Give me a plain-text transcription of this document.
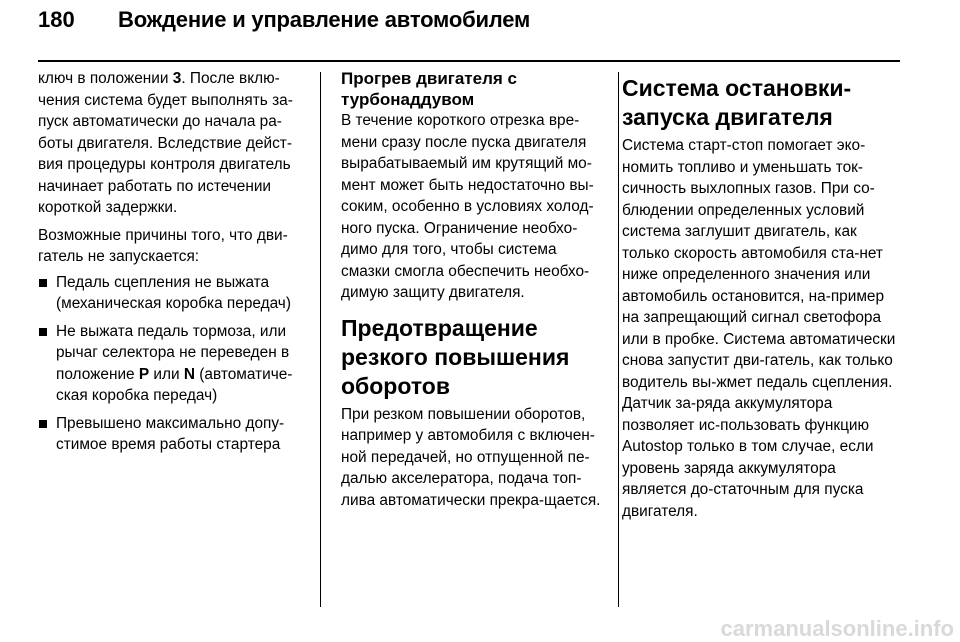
180 Вождение и управление автомобилем

ключ в положении 3. После вклю-чения система будет выполнять за-пуск автоматически до начала ра-боты двигателя. Вследствие дейст-вия процедуры контроля двигатель начинает работать по истечении короткой задержки.

Возможные причины того, что дви-гатель не запускается:

Педаль сцепления не выжата (механическая коробка передач)
Не выжата педаль тормоза, или рычаг селектора не переведен в положение P или N (автоматиче-ская коробка передач)
Превышено максимально допу-стимое время работы стартера

Прогрев двигателя с турбонаддувом

В течение короткого отрезка вре-мени сразу после пуска двигателя вырабатываемый им крутящий мо-мент может быть недостаточно вы-соким, особенно в условиях холод-ного пуска. Ограничение необхо-димо для того, чтобы система смазки смогла обеспечить необхо-димую защиту двигателя.

Предотвращение резкого повышения оборотов

При резком повышении оборотов, например у автомобиля с включен-ной передачей, но отпущенной пе-далью акселератора, подача топ-лива автоматически прекра-щается.

Система остановки-запуска двигателя

Система старт-стоп помогает эко-номить топливо и уменьшать ток-сичность выхлопных газов. При со-блюдении определенных условий система заглушит двигатель, как только скорость автомобиля ста-нет ниже определенного значения или автомобиль остановится, на-пример на запрещающий сигнал светофора или в пробке. Система автоматически снова запустит дви-гатель, как только водитель вы-жмет педаль сцепления. Датчик за-ряда аккумулятора позволяет ис-пользовать функцию Autostop только в том случае, если уровень заряда аккумулятора является до-статочным для пуска двигателя.

carmanualsonline.info
